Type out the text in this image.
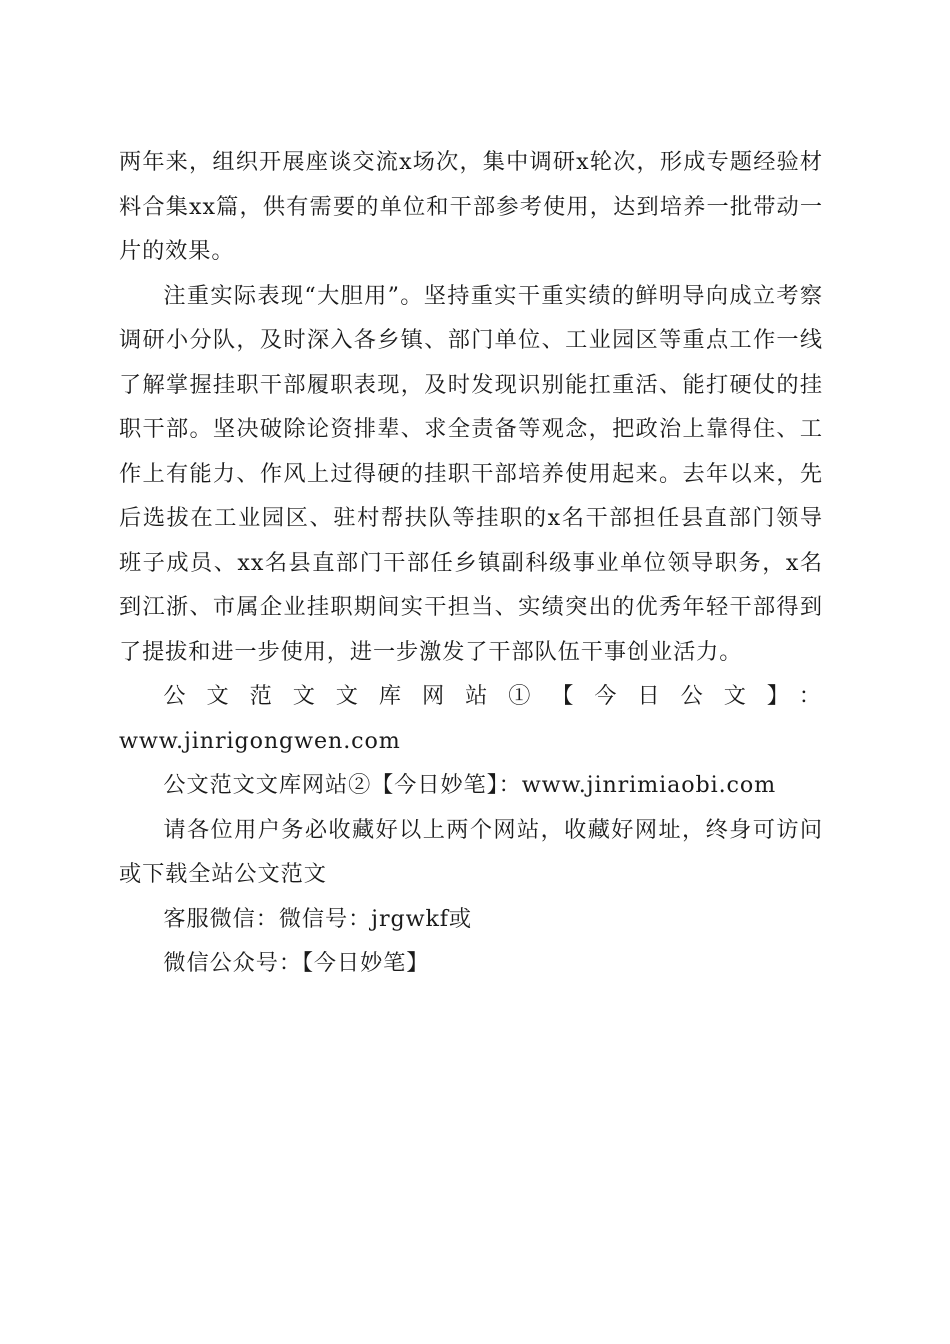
两年来，组织开展座谈交流x场次，集中调研x轮次，形成专题经验材料合集xx篇，供有需要的单位和干部参考使用，达到培养一批带动一片的效果。

注重实际表现“大胆用”。坚持重实干重实绩的鲜明导向成立考察调研小分队，及时深入各乡镇、部门单位、工业园区等重点工作一线了解掌握挂职干部履职表现，及时发现识别能扛重活、能打硬仗的挂职干部。坚决破除论资排辈、求全责备等观念，把政治上靠得住、工作上有能力、作风上过得硬的挂职干部培养使用起来。去年以来，先后选拔在工业园区、驻村帮扶队等挂职的x名干部担任县直部门领导班子成员、xx名县直部门干部任乡镇副科级事业单位领导职务，x名到江浙、市属企业挂职期间实干担当、实绩突出的优秀年轻干部得到了提拔和进一步使用，进一步激发了干部队伍干事创业活力。

公文范文文库网站①【今日公文】：

www.jinrigongwen.com

公文范文文库网站②【今日妙笔】：www.jinrimiaobi.com

请各位用户务必收藏好以上两个网站，收藏好网址，终身可访问或下载全站公文范文

客服微信：微信号：jrgwkf或

微信公众号：【今日妙笔】
